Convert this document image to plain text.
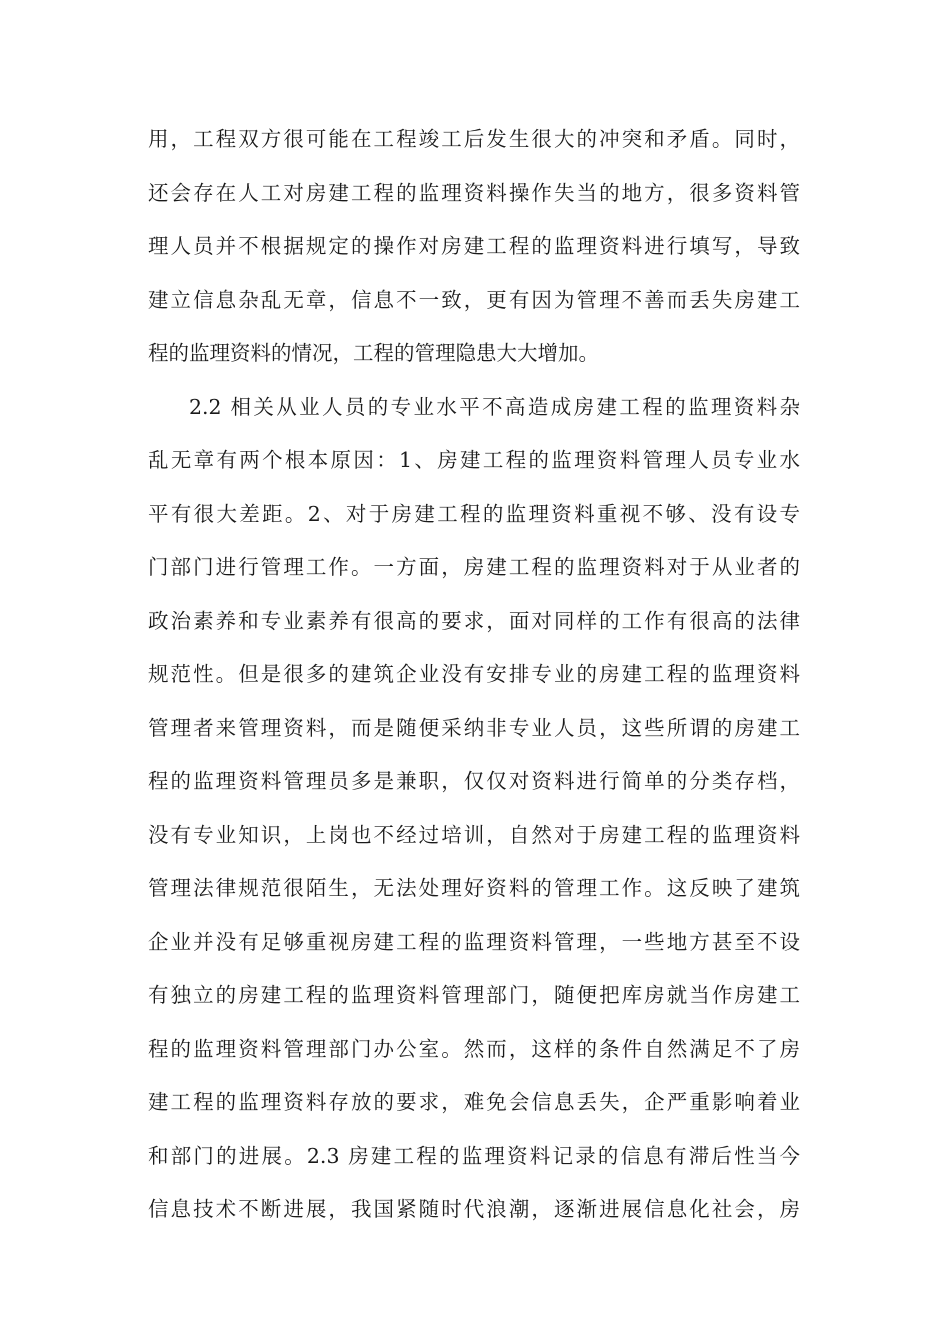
用，工程双方很可能在工程竣工后发生很大的冲突和矛盾。同时，
还会存在人工对房建工程的监理资料操作失当的地方，很多资料管
理人员并不根据规定的操作对房建工程的监理资料进行填写，导致
建立信息杂乱无章，信息不一致，更有因为管理不善而丢失房建工
程的监理资料的情况，工程的管理隐患大大增加。
2.2 相关从业人员的专业水平不高造成房建工程的监理资料杂
乱无章有两个根本原因：1、房建工程的监理资料管理人员专业水
平有很大差距。2、对于房建工程的监理资料重视不够、没有设专
门部门进行管理工作。一方面，房建工程的监理资料对于从业者的
政治素养和专业素养有很高的要求，面对同样的工作有很高的法律
规范性。但是很多的建筑企业没有安排专业的房建工程的监理资料
管理者来管理资料，而是随便采纳非专业人员，这些所谓的房建工
程的监理资料管理员多是兼职，仅仅对资料进行简单的分类存档，
没有专业知识，上岗也不经过培训，自然对于房建工程的监理资料
管理法律规范很陌生，无法处理好资料的管理工作。这反映了建筑
企业并没有足够重视房建工程的监理资料管理，一些地方甚至不设
有独立的房建工程的监理资料管理部门，随便把库房就当作房建工
程的监理资料管理部门办公室。然而，这样的条件自然满足不了房
建工程的监理资料存放的要求，难免会信息丢失，企严重影响着业
和部门的进展。2.3 房建工程的监理资料记录的信息有滞后性当今
信息技术不断进展，我国紧随时代浪潮，逐渐进展信息化社会，房
